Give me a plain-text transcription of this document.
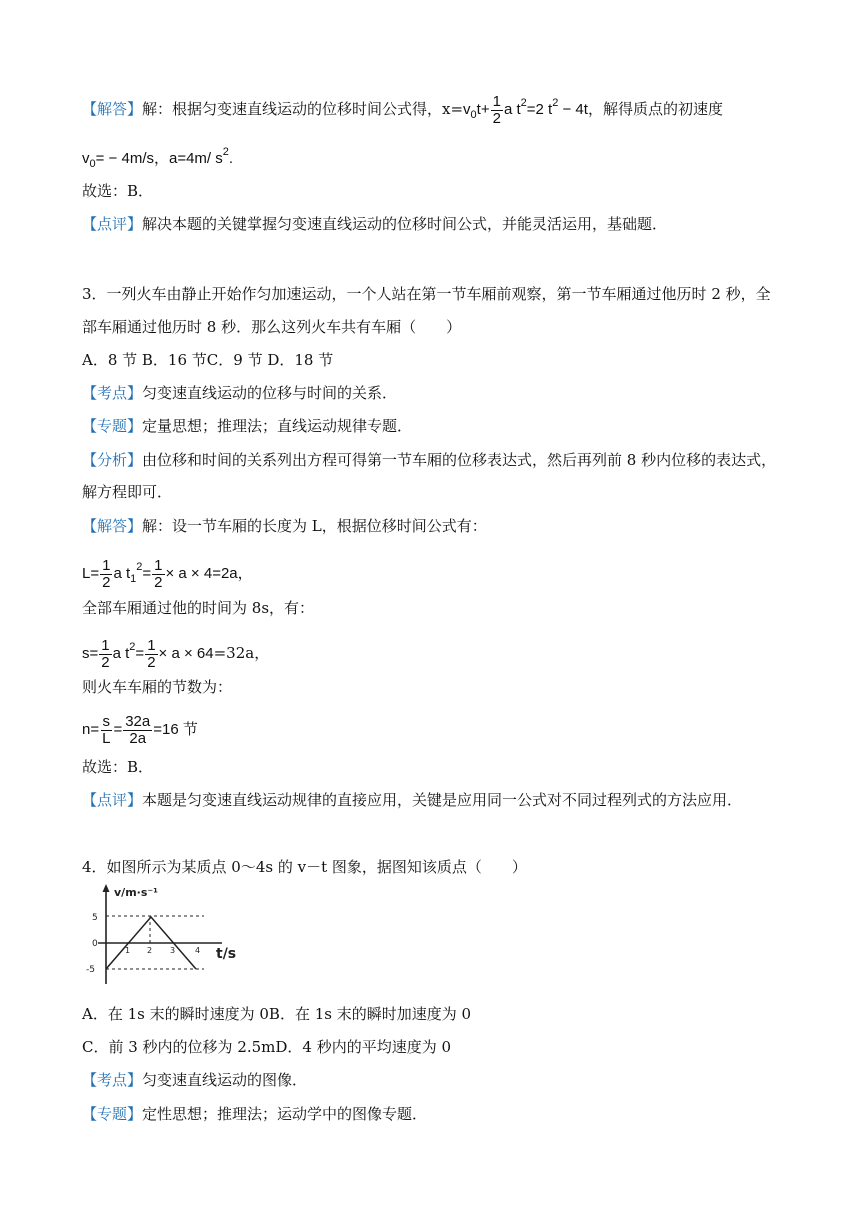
【解答】解：根据匀变速直线运动的位移时间公式得，$x=v_0t+ \frac{1}{2}$ a $t^2=2$ $t^2 - 4t$，解得质点的初速度
$v_0= - 4m/s$，a=4m/ $s^2$.
故选：B．
【点评】解决本题的关键掌握匀变速直线运动的位移时间公式，并能灵活运用，基础题．
3．一列火车由静止开始作匀加速运动，一个人站在第一节车厢前观察，第一节车厢通过他历时 2 秒，全
部车厢通过他历时 8 秒．那么这列火车共有车厢（　　）
A．8 节 B．16 节C．9 节 D．18 节
【考点】匀变速直线运动的位移与时间的关系．
【专题】定量思想；推理法；直线运动规律专题．
【分析】由位移和时间的关系列出方程可得第一节车厢的位移表达式，然后再列前 8 秒内位移的表达式，
解方程即可．
【解答】解：设一节车厢的长度为 L，根据位移时间公式有：
$L= \frac{1}{2}$ a $t_1^2= \frac{1}{2} \times a \times 4=2a$，
全部车厢通过他的时间为 8s，有：
$s= \frac{1}{2}$ a $t^2= \frac{1}{2} \times a \times 64=32a$，
则火车车厢的节数为：
$n= \frac{s}{L} = \frac{32a}{2a} =16$ 节
故选：B．
【点评】本题是匀变速直线运动规律的直接应用，关键是应用同一公式对不同过程列式的方法应用．
4．如图所示为某质点 0～4s 的 v－t 图象，据图知该质点（　　）
v/m·s⁻¹
t/s
5
0
-5
1 2 3 4
A．在 1s 末的瞬时速度为 0B．在 1s 末的瞬时加速度为 0
C．前 3 秒内的位移为 2.5mD．4 秒内的平均速度为 0
【考点】匀变速直线运动的图像．
【专题】定性思想；推理法；运动学中的图像专题．
